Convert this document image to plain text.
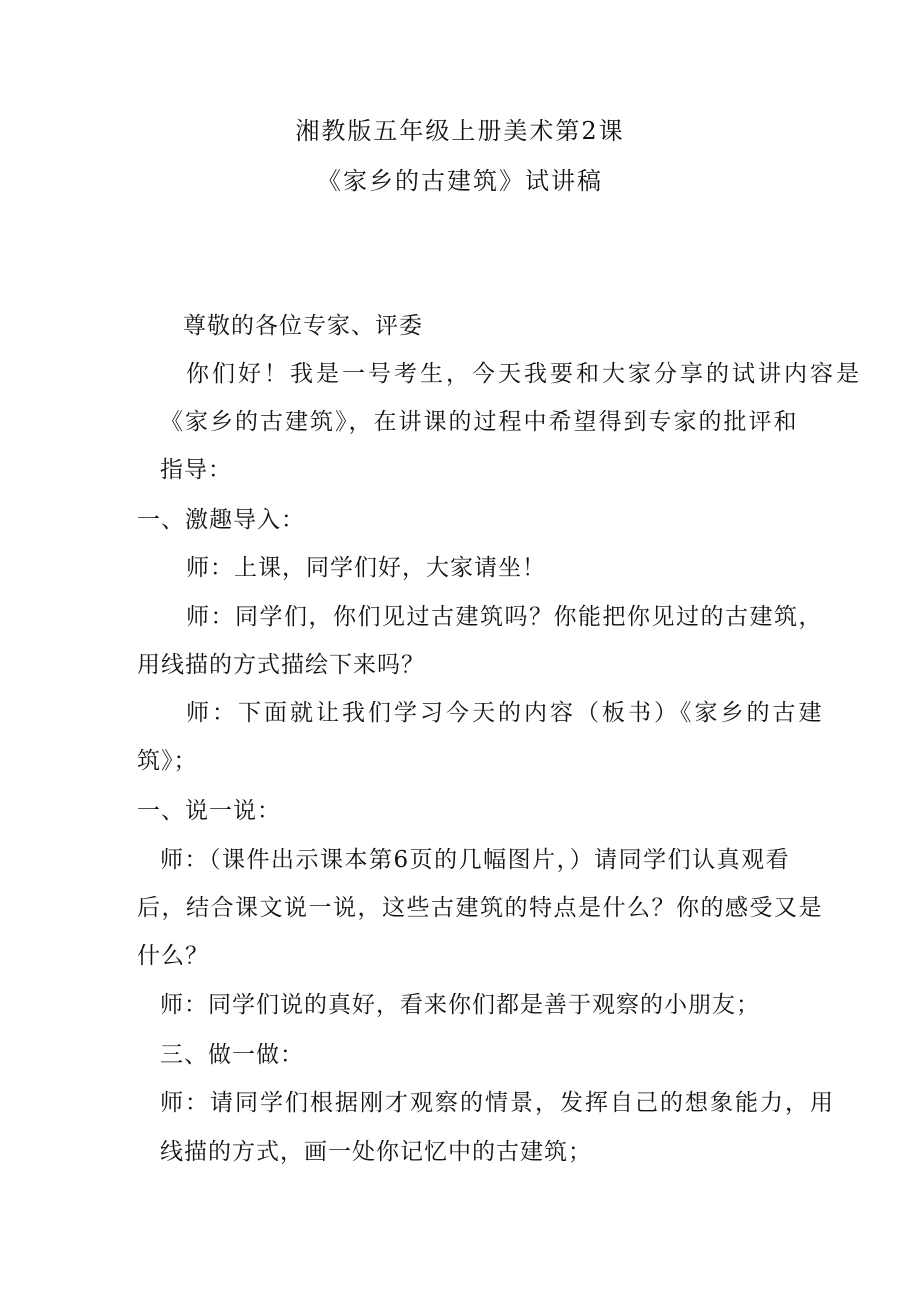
湘教版五年级上册美术第2课
《家乡的古建筑》试讲稿
尊敬的各位专家、评委
你们好！我是一号考生，今天我要和大家分享的试讲内容是
《家乡的古建筑》，在讲课的过程中希望得到专家的批评和
指导：
一、激趣导入：
师：上课，同学们好，大家请坐！
师：同学们，你们见过古建筑吗？你能把你见过的古建筑，
用线描的方式描绘下来吗？
师：下面就让我们学习今天的内容（板书）《家乡的古建
筑》；
一、说一说：
师：（课件出示课本第6页的几幅图片，）请同学们认真观看
后，结合课文说一说，这些古建筑的特点是什么？你的感受又是
什么？
师：同学们说的真好，看来你们都是善于观察的小朋友；
三、做一做：
师：请同学们根据刚才观察的情景，发挥自己的想象能力，用
线描的方式，画一处你记忆中的古建筑；
